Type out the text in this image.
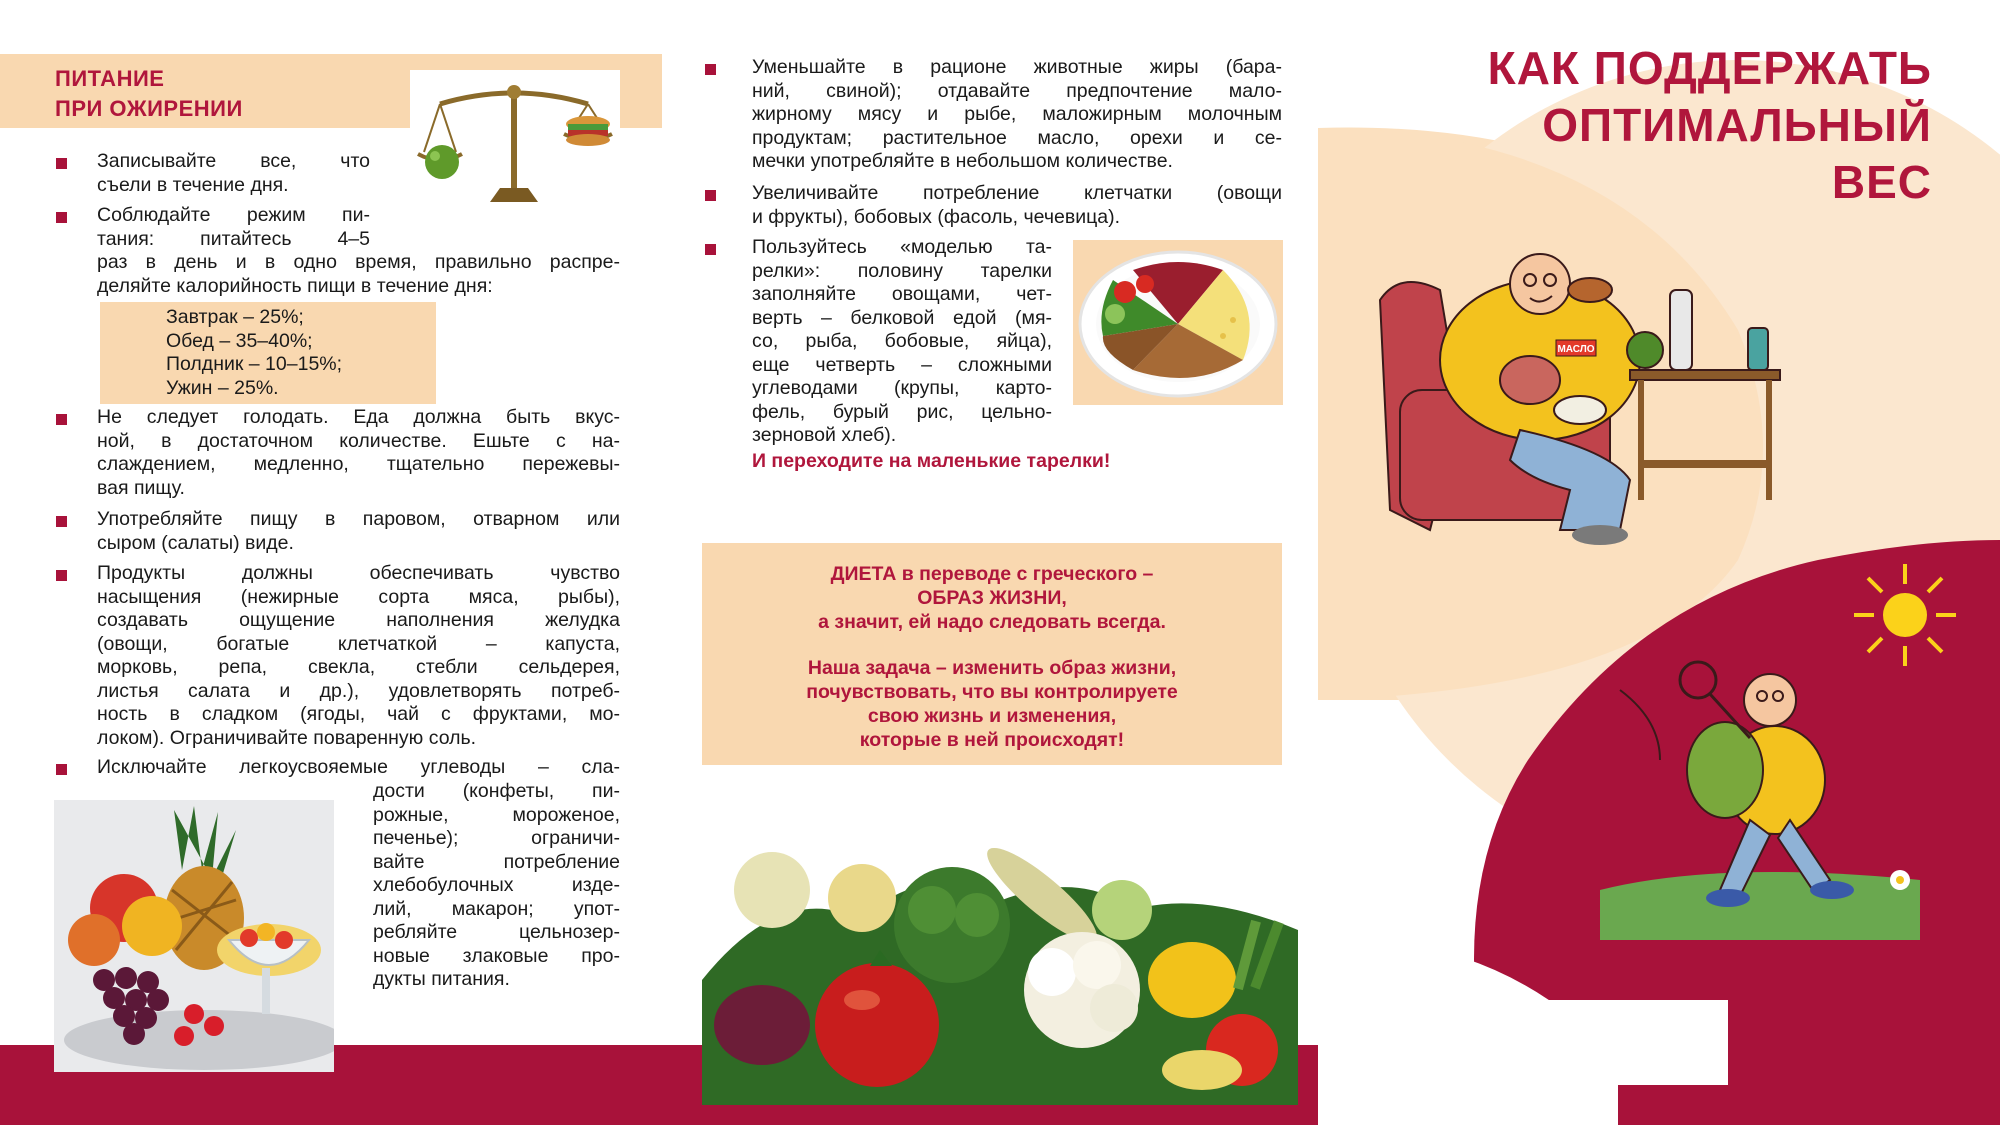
ПИТАНИЕ
ПРИ ОЖИРЕНИИ
Записывайте все, что
съели в течение дня.
Соблюдайте режим пи-
тания: питайтесь 4–5
раз в день и в одно время, правильно распре-
деляйте калорийность пищи в течение дня:
Завтрак – 25%;
Обед – 35–40%;
Полдник – 10–15%;
Ужин – 25%.
Не следует голодать. Еда должна быть вкус-
ной, в достаточном количестве. Ешьте с на-
слаждением, медленно, тщательно пережевы-
вая пищу.
Употребляйте пищу в паровом, отварном или
сыром (салаты) виде.
Продукты должны обеспечивать чувство
насыщения (нежирные сорта мяса, рыбы),
создавать ощущение наполнения желудка
(овощи, богатые клетчаткой – капуста,
морковь, репа, свекла, стебли сельдерея,
листья салата и др.), удовлетворять потреб-
ность в сладком (ягоды, чай с фруктами, мо-
локом). Ограничивайте поваренную соль.
Исключайте легкоусвояемые углеводы – сла-
дости (конфеты, пи-
рожные, мороженое,
печенье); ограничи-
вайте потребление
хлебобулочных изде-
лий, макарон; упот-
ребляйте цельнозер-
новые злаковые про-
дукты питания.
Уменьшайте в рационе животные жиры (бара-
ний, свиной); отдавайте предпочтение мало-
жирному мясу и рыбе, маложирным молочным
продуктам; растительное масло, орехи и се-
мечки употребляйте в небольшом количестве.
Увеличивайте потребление клетчатки (овощи
и фрукты), бобовых (фасоль, чечевица).
Пользуйтесь «моделью та-
релки»: половину тарелки
заполняйте овощами, чет-
верть – белковой едой (мя-
со, рыба, бобовые, яйца),
еще четверть – сложными
углеводами (крупы, карто-
фель, бурый рис, цельно-
зерновой хлеб).
И переходите на маленькие тарелки!
ДИЕТА в переводе с греческого –
ОБРАЗ ЖИЗНИ,
а значит, ей надо следовать всегда.
Наша задача – изменить образ жизни,
почувствовать, что вы контролируете
свою жизнь и изменения,
которые в ней происходят!
КАК ПОДДЕРЖАТЬ
ОПТИМАЛЬНЫЙ
ВЕС
МАСЛО
